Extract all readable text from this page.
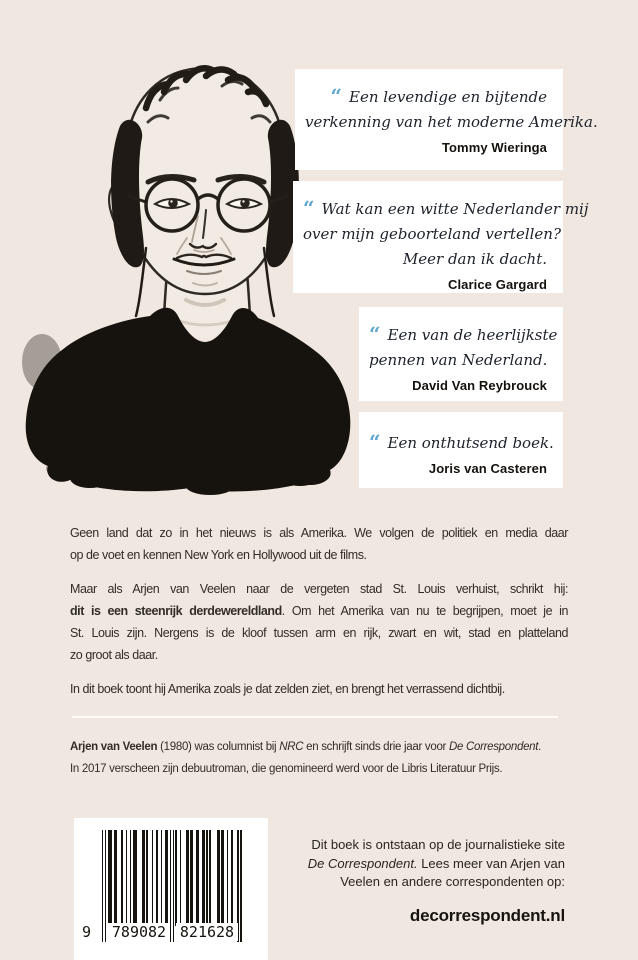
“ Een levendige en bijtende
verkenning van het moderne Amerika.
Tommy Wieringa
“ Wat kan een witte Nederlander mij
over mijn geboorteland vertellen?
Meer dan ik dacht.
Clarice Gargard
“ Een van de heerlijkste
pennen van Nederland.
David Van Reybrouck
“ Een onthutsend boek.
Joris van Casteren
Geen land dat zo in het nieuws is als Amerika. We volgen de politiek en media daar
op de voet en kennen New York en Hollywood uit de films.
Maar als Arjen van Veelen naar de vergeten stad St. Louis verhuist, schrikt hij:
dit is een steenrijk derdewereldland. Om het Amerika van nu te begrijpen, moet je in
St. Louis zijn. Nergens is de kloof tussen arm en rijk, zwart en wit, stad en platteland
zo groot als daar.
In dit boek toont hij Amerika zoals je dat zelden ziet, en brengt het verrassend dichtbij.
Arjen van Veelen (1980) was columnist bij NRC en schrijft sinds drie jaar voor De Correspondent.
In 2017 verscheen zijn debuutroman, die genomineerd werd voor de Libris Literatuur Prijs.
9 789082 821628
Dit boek is ontstaan op de journalistieke site
De Correspondent. Lees meer van Arjen van
Veelen en andere correspondenten op:
decorrespondent.nl
